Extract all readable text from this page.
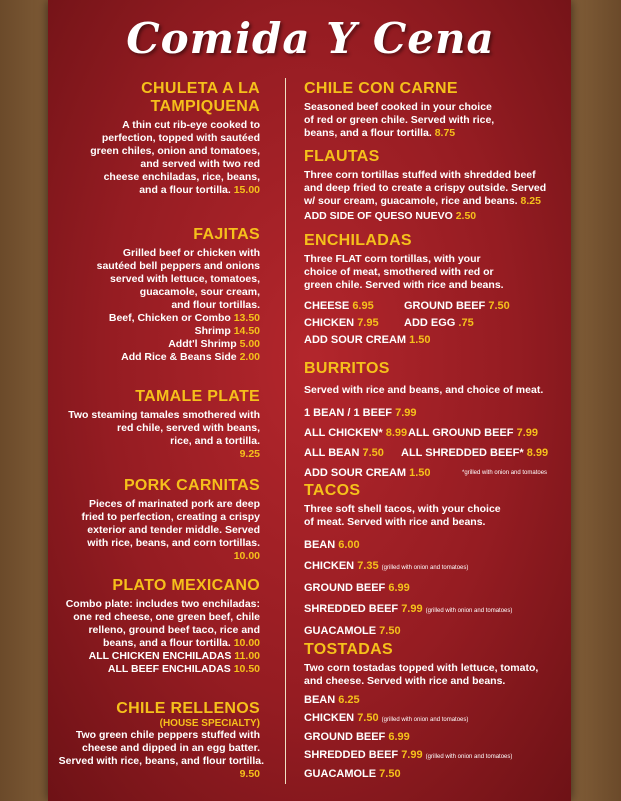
Comida Y Cena
CHULETA A LA
TAMPIQUENA
A thin cut rib-eye cooked to
perfection, topped with sautéed
green chiles, onion and tomatoes,
and served with two red
cheese enchiladas, rice, beans,
and a flour tortilla. 15.00
FAJITAS
Grilled beef or chicken with
sautéed bell peppers and onions
served with lettuce, tomatoes,
guacamole, sour cream,
and flour tortillas.
Beef, Chicken or Combo 13.50
Shrimp 14.50
Addt'l Shrimp 5.00
Add Rice & Beans Side 2.00
TAMALE PLATE
Two steaming tamales smothered with
red chile, served with beans,
rice, and a tortilla.
9.25
PORK CARNITAS
Pieces of marinated pork are deep
fried to perfection, creating a crispy
exterior and tender middle. Served
with rice, beans, and corn tortillas.
10.00
PLATO MEXICANO
Combo plate: includes two enchiladas:
one red cheese, one green beef, chile
relleno, ground beef taco, rice and
beans, and a flour tortilla. 10.00
ALL CHICKEN ENCHILADAS 11.00
ALL BEEF ENCHILADAS 10.50
CHILE RELLENOS
(HOUSE SPECIALTY)
Two green chile peppers stuffed with
cheese and dipped in an egg batter.
Served with rice, beans, and flour tortilla.
9.50
CHILE CON CARNE
Seasoned beef cooked in your choice
of red or green chile. Served with rice,
beans, and a flour tortilla. 8.75
FLAUTAS
Three corn tortillas stuffed with shredded beef
and deep fried to create a crispy outside. Served
w/ sour cream, guacamole, rice and beans. 8.25
ADD SIDE OF QUESO NUEVO 2.50
ENCHILADAS
Three FLAT corn tortillas, with your
choice of meat, smothered with red or
green chile. Served with rice and beans.
CHEESE 6.95	GROUND BEEF 7.50
CHICKEN 7.95	ADD EGG .75
ADD SOUR CREAM 1.50
BURRITOS
Served with rice and beans, and choice of meat.
1 BEAN / 1 BEEF 7.99
ALL CHICKEN* 8.99 ALL GROUND BEEF 7.99
ALL BEAN 7.50	ALL SHREDDED BEEF* 8.99
ADD SOUR CREAM 1.50	*grilled with onion and tomatoes
TACOS
Three soft shell tacos, with your choice
of meat. Served with rice and beans.
BEAN 6.00
CHICKEN 7.35 (grilled with onion and tomatoes)
GROUND BEEF 6.99
SHREDDED BEEF 7.99 (grilled with onion and tomatoes)
GUACAMOLE 7.50
TOSTADAS
Two corn tostadas topped with lettuce, tomato,
and cheese. Served with rice and beans.
BEAN 6.25
CHICKEN 7.50 (grilled with onion and tomatoes)
GROUND BEEF 6.99
SHREDDED BEEF 7.99 (grilled with onion and tomatoes)
GUACAMOLE 7.50
